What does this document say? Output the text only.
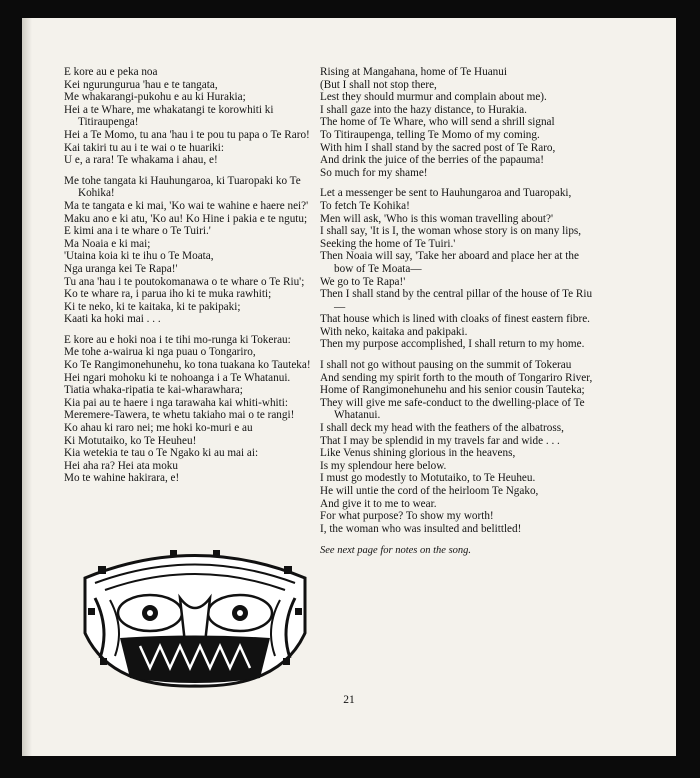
E kore au e peka noa
Kei ngurungurua 'hau e te tangata,
Me whakarangi-pukohu e au ki Hurakia;
Hei a te Whare, me whakatangi te korowhiti ki Titiraupenga!
Hei a Te Momo, tu ana 'hau i te pou tu papa o Te Raro!
Kai takiri tu au i te wai o te huariki:
U e, a rara! Te whakama i ahau, e!
Me tohe tangata ki Hauhungaroa, ki Tuaropaki ko Te Kohika!
Ma te tangata e ki mai, 'Ko wai te wahine e haere nei?'
Maku ano e ki atu, 'Ko au! Ko Hine i pakia e te ngutu;
E kimi ana i te whare o Te Tuiri.'
Ma Noaia e ki mai;
'Utaina koia ki te ihu o Te Moata,
Nga uranga kei Te Rapa!'
Tu ana 'hau i te poutokomanawa o te whare o Te Riu';
Ko te whare ra, i parua iho ki te muka rawhiti;
Ki te neko, ki te kaitaka, ki te pakipaki;
Kaati ka hoki mai . . .
E kore au e hoki noa i te tihi mo-runga ki Tokerau:
Me tohe a-wairua ki nga puau o Tongariro,
Ko Te Rangimonehunehu, ko tona tuakana ko Tauteka!
Hei ngari mohoku ki te nohoanga i a Te Whatanui.
Tiatia whaka-ripatia te kai-wharawhara;
Kia pai au te haere i nga tarawaha kai whiti-whiti:
Meremere-Tawera, te whetu takiaho mai o te rangi!
Ko ahau ki raro nei; me hoki ko-muri e au
Ki Motutaiko, ko Te Heuheu!
Kia wetekia te tau o Te Ngako ki au mai ai:
Hei aha ra? Hei ata moku
Mo te wahine hakirara, e!
Rising at Mangahana, home of Te Huanui
(But I shall not stop there,
Lest they should murmur and complain about me).
I shall gaze into the hazy distance, to Hurakia.
The home of Te Whare, who will send a shrill signal
To Titiraupenga, telling Te Momo of my coming.
With him I shall stand by the sacred post of Te Raro,
And drink the juice of the berries of the papauma!
So much for my shame!
Let a messenger be sent to Hauhungaroa and Tuaropaki,
To fetch Te Kohika!
Men will ask, 'Who is this woman travelling about?'
I shall say, 'It is I, the woman whose story is on many lips,
Seeking the home of Te Tuiri.'
Then Noaia will say, 'Take her aboard and place her at the bow of Te Moata—
We go to Te Rapa!'
Then I shall stand by the central pillar of the house of Te Riu—
That house which is lined with cloaks of finest eastern fibre.
With neko, kaitaka and pakipaki.
Then my purpose accomplished, I shall return to my home.
I shall not go without pausing on the summit of Tokerau
And sending my spirit forth to the mouth of Tongariro River,
Home of Rangimonehunehu and his senior cousin Tauteka;
They will give me safe-conduct to the dwelling-place of Te Whatanui.
I shall deck my head with the feathers of the albatross,
That I may be splendid in my travels far and wide . . .
Like Venus shining glorious in the heavens,
Is my splendour here below.
I must go modestly to Motutaiko, to Te Heuheu.
He will untie the cord of the heirloom Te Ngako,
And give it to me to wear.
For what purpose? To show my worth!
I, the woman who was insulted and belittled!
See next page for notes on the song.
21
